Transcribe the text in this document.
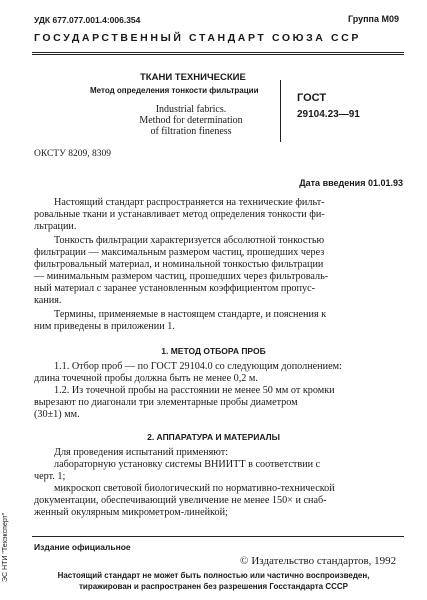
УДК 677.077.001.4:006.354	Группа М09
ГОСУДАРСТВЕННЫЙ СТАНДАРТ СОЮЗА ССР
ТКАНИ ТЕХНИЧЕСКИЕ
Метод определения тонкости фильтрации
Industrial fabrics.
Method for determination
of filtration fineness
ГОСТ
29104.23—91
ОКСТУ 8209, 8309
Дата введения 01.01.93
Настоящий стандарт распространяется на технические фильт-
ровальные ткани и устанавливает метод определения тонкости фи-
льтрации.
Тонкость фильтрации характеризуется абсолютной тонкостью
фильтрации — максимальным размером частиц, прошедших через
фильтровальный материал, и номинальной тонкостью фильтрации
— минимальным размером частиц, прошедших через фильтроваль-
ный материал с заранее установленным коэффициентом пропус-
кания.
Термины, применяемые в настоящем стандарте, и пояснения к
ним приведены в приложении 1.
1. МЕТОД ОТБОРА ПРОБ
1.1. Отбор проб — по ГОСТ 29104.0 со следующим дополнением:
длина точечной пробы должна быть не менее 0,2 м.
1.2. Из точечной пробы на расстоянии не менее 50 мм от кромки
вырезают по диагонали три элементарные пробы диаметром
(30±1) мм.
2. АППАРАТУРА И МАТЕРИАЛЫ
Для проведения испытаний применяют:
лабораторную установку системы ВНИИТТ в соответствии с
черт. 1;
микроскоп световой биологический по нормативно-технической
документации, обеспечивающий увеличение не менее 150× и снаб-
женный окулярным микрометром-линейкой;
Издание официальное
© Издательство стандартов, 1992
Настоящий стандарт не может быть полностью или частично воспроизведен,
тиражирован и распространен без разрешения Госстандарта СССР
ЭС НТИ "Техэксперт"
